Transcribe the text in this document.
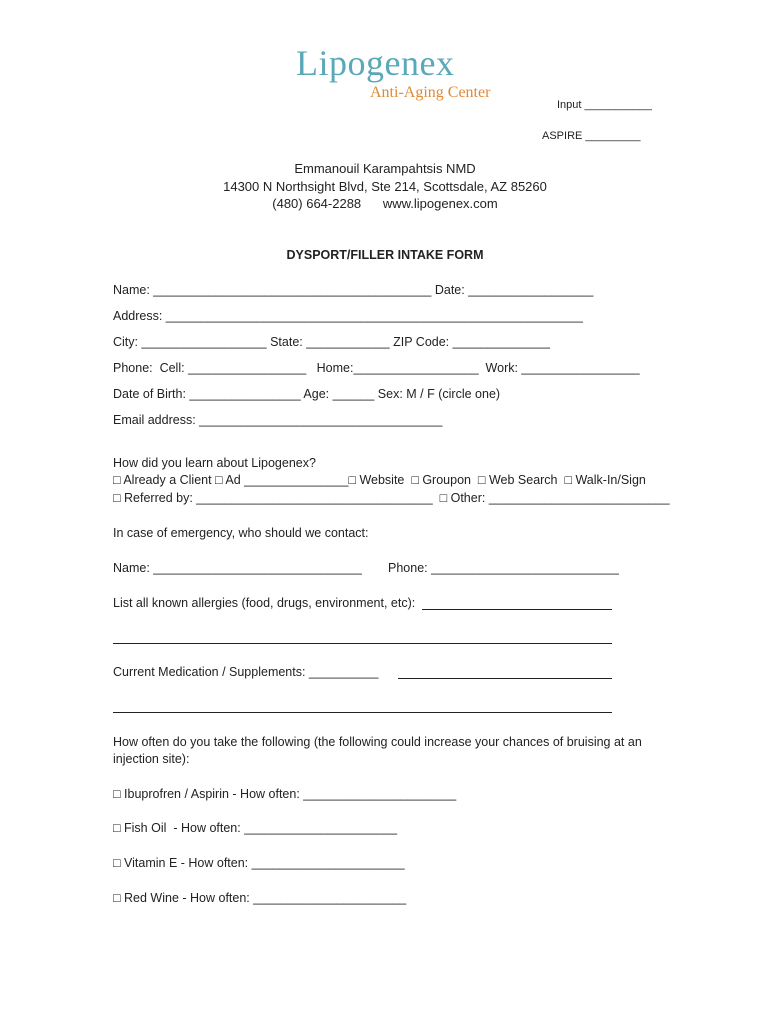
Lipogenex
Anti-Aging Center
Input ___________
ASPIRE _________
Emmanouil Karampahtsis NMD
14300 N Northsight Blvd, Ste 214, Scottsdale, AZ 85260
(480) 664-2288      www.lipogenex.com
DYSPORT/FILLER INTAKE FORM
Name: ________________________________________ Date: __________________
Address: ____________________________________________________________
City: __________________ State: ____________ ZIP Code: ______________
Phone:  Cell: _________________   Home:__________________  Work: _________________
Date of Birth: ________________ Age: ______ Sex: M / F (circle one)
Email address: ___________________________________
How did you learn about Lipogenex?
□ Already a Client □ Ad _______________□ Website  □ Groupon  □ Web Search  □ Walk-In/Sign
□ Referred by: __________________________________  □ Other: __________________________
In case of emergency, who should we contact:
Name: ______________________________ Phone: ___________________________
List all known allergies (food, drugs, environment, etc):
Current Medication / Supplements: __________
How often do you take the following (the following could increase your chances of bruising at an
injection site):
□ Ibuprofren / Aspirin - How often: ______________________
□ Fish Oil  - How often: ______________________
□ Vitamin E - How often: ______________________
□ Red Wine - How often: ______________________
